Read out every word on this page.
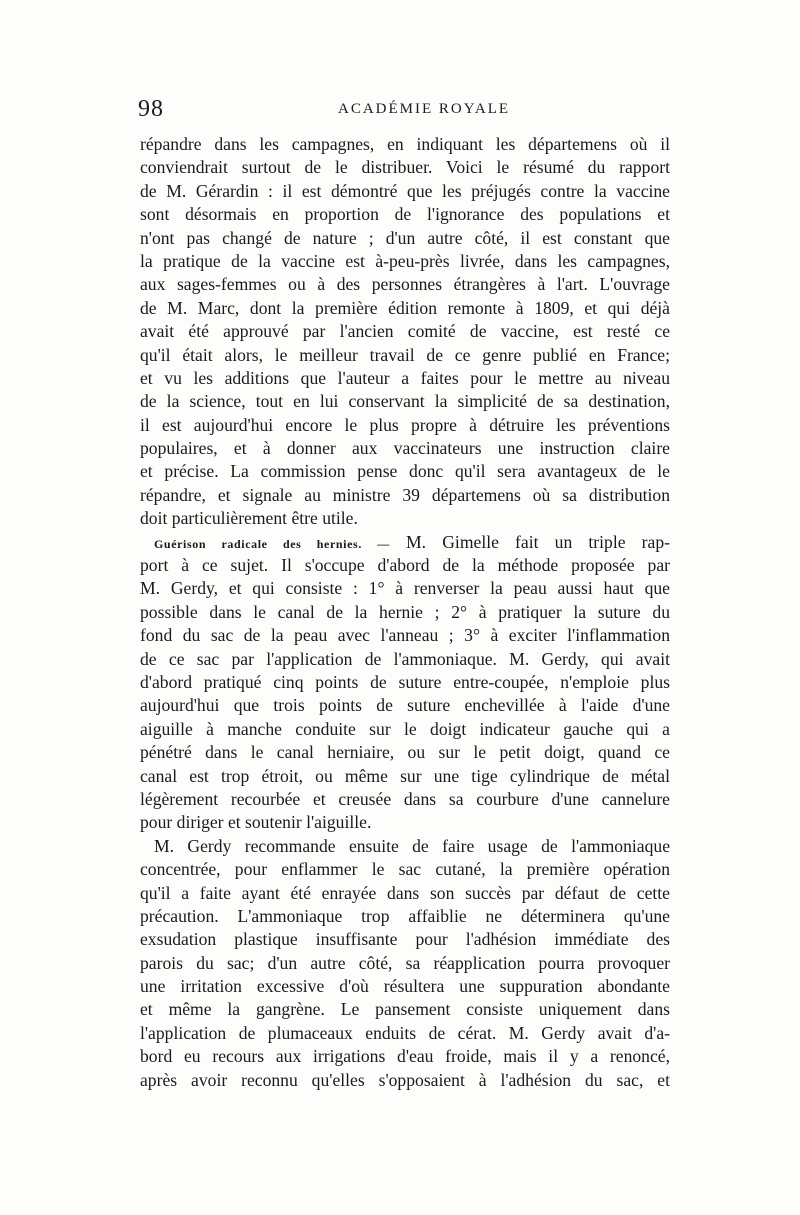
98	ACADÉMIE ROYALE
répandre dans les campagnes, en indiquant les départemens où il
conviendrait surtout de le distribuer. Voici le résumé du rapport
de M. Gérardin : il est démontré que les préjugés contre la vaccine
sont désormais en proportion de l'ignorance des populations et
n'ont pas changé de nature ; d'un autre côté, il est constant que
la pratique de la vaccine est à-peu-près livrée, dans les campagnes,
aux sages-femmes ou à des personnes étrangères à l'art. L'ouvrage
de M. Marc, dont la première édition remonte à 1809, et qui déjà
avait été approuvé par l'ancien comité de vaccine, est resté ce
qu'il était alors, le meilleur travail de ce genre publié en France;
et vu les additions que l'auteur a faites pour le mettre au niveau
de la science, tout en lui conservant la simplicité de sa destination,
il est aujourd'hui encore le plus propre à détruire les préventions
populaires, et à donner aux vaccinateurs une instruction claire
et précise. La commission pense donc qu'il sera avantageux de le
répandre, et signale au ministre 39 départemens où sa distribution
doit particulièrement être utile.
Guérison radicale des hernies. — M. Gimelle fait un triple rap-
port à ce sujet. Il s'occupe d'abord de la méthode proposée par
M. Gerdy, et qui consiste : 1° à renverser la peau aussi haut que
possible dans le canal de la hernie ; 2° à pratiquer la suture du
fond du sac de la peau avec l'anneau ; 3° à exciter l'inflammation
de ce sac par l'application de l'ammoniaque. M. Gerdy, qui avait
d'abord pratiqué cinq points de suture entre-coupée, n'emploie plus
aujourd'hui que trois points de suture enchevillée à l'aide d'une
aiguille à manche conduite sur le doigt indicateur gauche qui a
pénétré dans le canal herniaire, ou sur le petit doigt, quand ce
canal est trop étroit, ou même sur une tige cylindrique de métal
légèrement recourbée et creusée dans sa courbure d'une cannelure
pour diriger et soutenir l'aiguille.
M. Gerdy recommande ensuite de faire usage de l'ammoniaque
concentrée, pour enflammer le sac cutané, la première opération
qu'il a faite ayant été enrayée dans son succès par défaut de cette
précaution. L'ammoniaque trop affaiblie ne déterminera qu'une
exsudation plastique insuffisante pour l'adhésion immédiate des
parois du sac; d'un autre côté, sa réapplication pourra provoquer
une irritation excessive d'où résultera une suppuration abondante
et même la gangrène. Le pansement consiste uniquement dans
l'application de plumaceaux enduits de cérat. M. Gerdy avait d'a-
bord eu recours aux irrigations d'eau froide, mais il y a renoncé,
après avoir reconnu qu'elles s'opposaient à l'adhésion du sac, et
